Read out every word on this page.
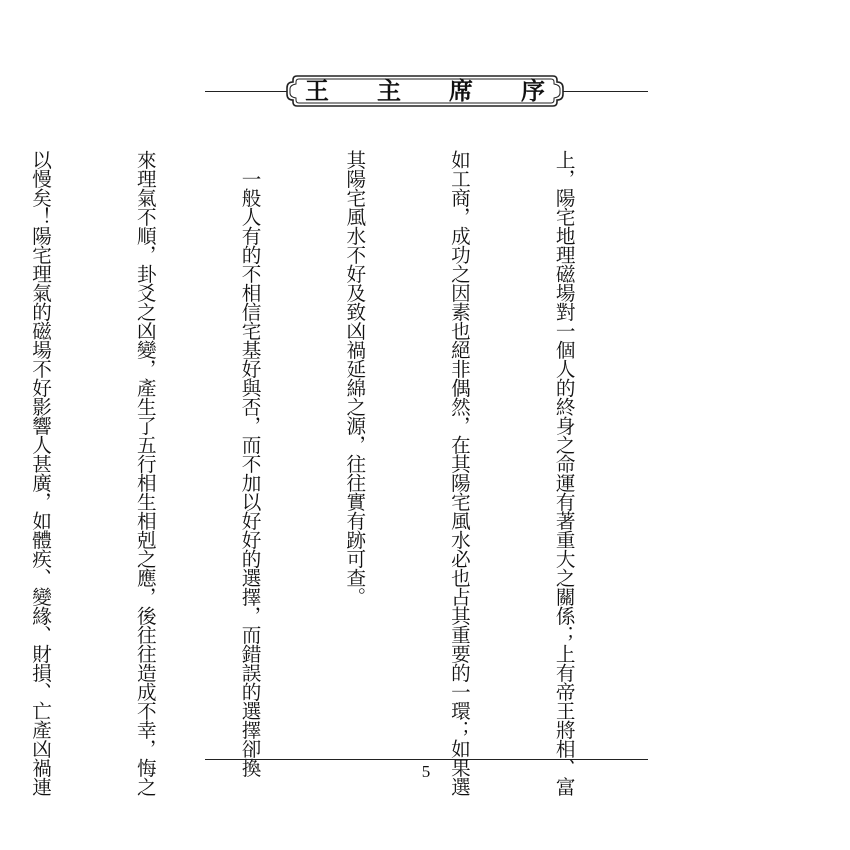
王 主 席 序

上，陽宅地理磁場對一個人的終身之命運有著重大之關係；上有帝王將相、富

如工商，成功之因素也絕非偶然，在其陽宅風水必也占其重要的一環；如果選

其陽宅風水不好及致凶禍延綿之源，往往實有跡可查。

　一般人有的不相信宅基好與否，而不加以好好的選擇，而錯誤的選擇卻換

來理氣不順，卦爻之凶變，產生了五行相生相剋之應，後往往造成不幸，悔之

以慢矣！陽宅理氣的磁場不好影響人甚廣，如體疾、變緣、財損、亡產凶禍連

	5
